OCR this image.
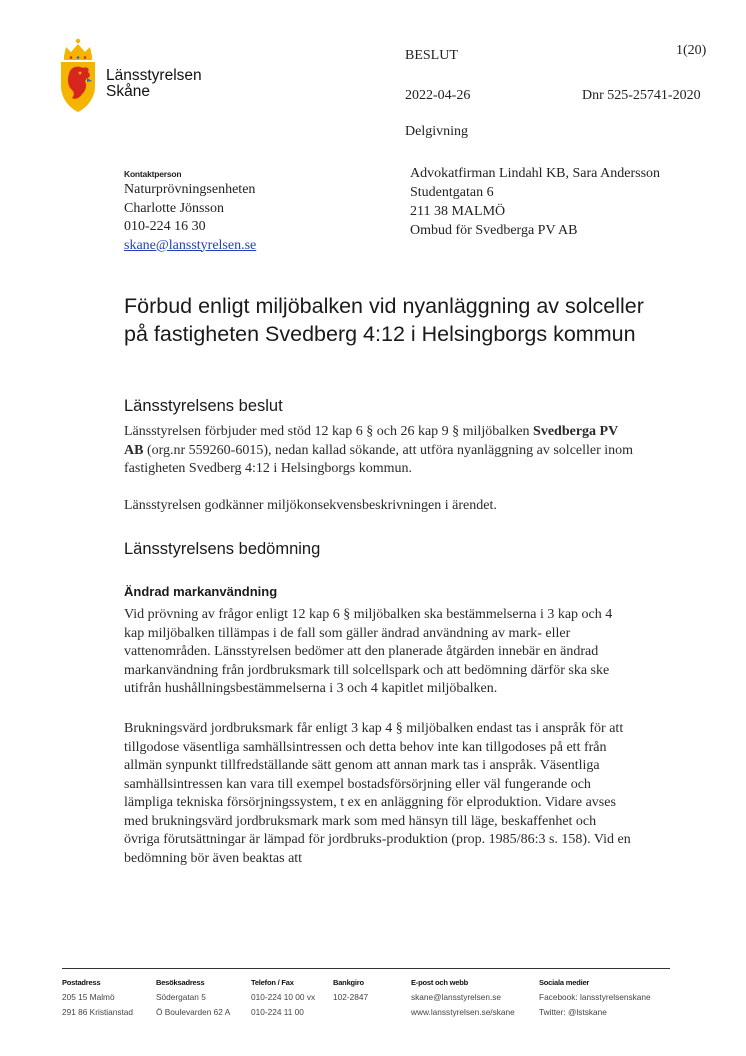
Länsstyrelsen
Skåne
BESLUT	1(20)
2022-04-26	Dnr 525-25741-2020
Delgivning
Kontaktperson
Naturprövningsenheten
Charlotte Jönsson
010-224 16 30
skane@lansstyrelsen.se
Advokatfirman Lindahl KB, Sara Andersson
Studentgatan 6
211 38 MALMÖ
Ombud för Svedberga PV AB
Förbud enligt miljöbalken vid nyanläggning av solceller på fastigheten Svedberg 4:12 i Helsingborgs kommun
Länsstyrelsens beslut

Länsstyrelsen förbjuder med stöd 12 kap 6 § och 26 kap 9 § miljöbalken Svedberga PV AB (org.nr 559260-6015), nedan kallad sökande, att utföra nyanläggning av solceller inom fastigheten Svedberg 4:12 i Helsingborgs kommun.

Länsstyrelsen godkänner miljökonsekvensbeskrivningen i ärendet.

Länsstyrelsens bedömning
Ändrad markanvändning

Vid prövning av frågor enligt 12 kap 6 § miljöbalken ska bestämmelserna i 3 kap och 4 kap miljöbalken tillämpas i de fall som gäller ändrad användning av mark- eller vattenområden. Länsstyrelsen bedömer att den planerade åtgärden innebär en ändrad markanvändning från jordbruksmark till solcellspark och att bedömning därför ska ske utifrån hushållningsbestämmelserna i 3 och 4 kapitlet miljöbalken.

Brukningsvärd jordbruksmark får enligt 3 kap 4 § miljöbalken endast tas i anspråk för att tillgodose väsentliga samhällsintressen och detta behov inte kan tillgodoses på ett från allmän synpunkt tillfredställande sätt genom att annan mark tas i anspråk. Väsentliga samhällsintressen kan vara till exempel bostadsförsörjning eller väl fungerande och lämpliga tekniska försörjningssystem, t ex en anläggning för elproduktion. Vidare avses med brukningsvärd jordbruksmark mark som med hänsyn till läge, beskaffenhet och övriga förutsättningar är lämpad för jordbruks-produktion (prop. 1985/86:3 s. 158). Vid en bedömning bör även beaktas att

Postadress
205 15 Malmö
291 86 Kristianstad
Besöksadress
Södergatan 5
Ö Boulevarden 62 A
Telefon / Fax
010-224 10 00 vx
010-224 11 00
Bankgiro
102-2847
E-post och webb
skane@lansstyrelsen.se
www.lansstyrelsen.se/skane
Sociala medier
Facebook: lansstyrelsenskane
Twitter: @lstskane
